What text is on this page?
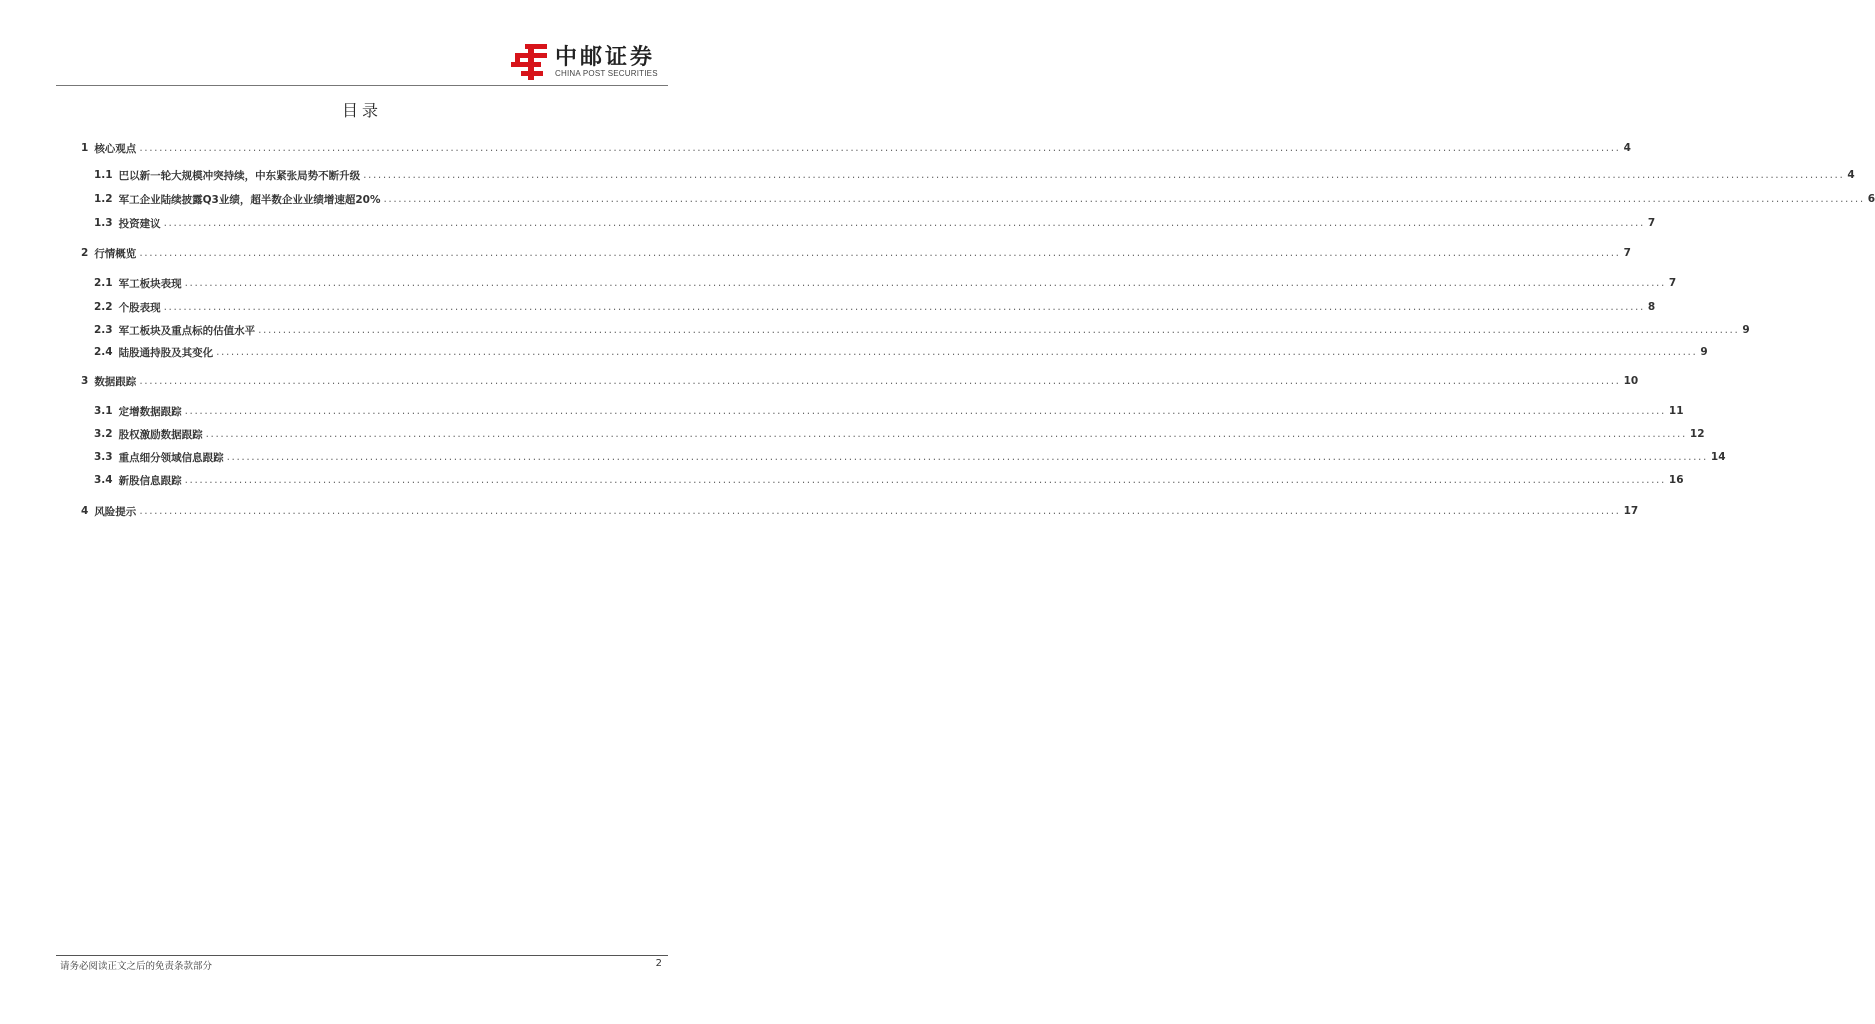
中邮证券
CHINA POST SECURITIES
目录
1 核心观点 ............................................................................................................................................................................................................................................................................................................ 4
1.1 巴以新一轮大规模冲突持续，中东紧张局势不断升级 ............................................................................................................................................................................................................................................................................................................ 4
1.2 军工企业陆续披露Q3业绩，超半数企业业绩增速超20% ............................................................................................................................................................................................................................................................................................................ 6
1.3 投资建议 ............................................................................................................................................................................................................................................................................................................ 7
2 行情概览 ............................................................................................................................................................................................................................................................................................................ 7
2.1 军工板块表现 ............................................................................................................................................................................................................................................................................................................ 7
2.2 个股表现 ............................................................................................................................................................................................................................................................................................................ 8
2.3 军工板块及重点标的估值水平 ............................................................................................................................................................................................................................................................................................................ 9
2.4 陆股通持股及其变化 ............................................................................................................................................................................................................................................................................................................ 9
3 数据跟踪 ............................................................................................................................................................................................................................................................................................................ 10
3.1 定增数据跟踪 ............................................................................................................................................................................................................................................................................................................ 11
3.2 股权激励数据跟踪 ............................................................................................................................................................................................................................................................................................................ 12
3.3 重点细分领域信息跟踪 ............................................................................................................................................................................................................................................................................................................ 14
3.4 新股信息跟踪 ............................................................................................................................................................................................................................................................................................................ 16
4 风险提示 ............................................................................................................................................................................................................................................................................................................ 17
请务必阅读正文之后的免责条款部分	2
